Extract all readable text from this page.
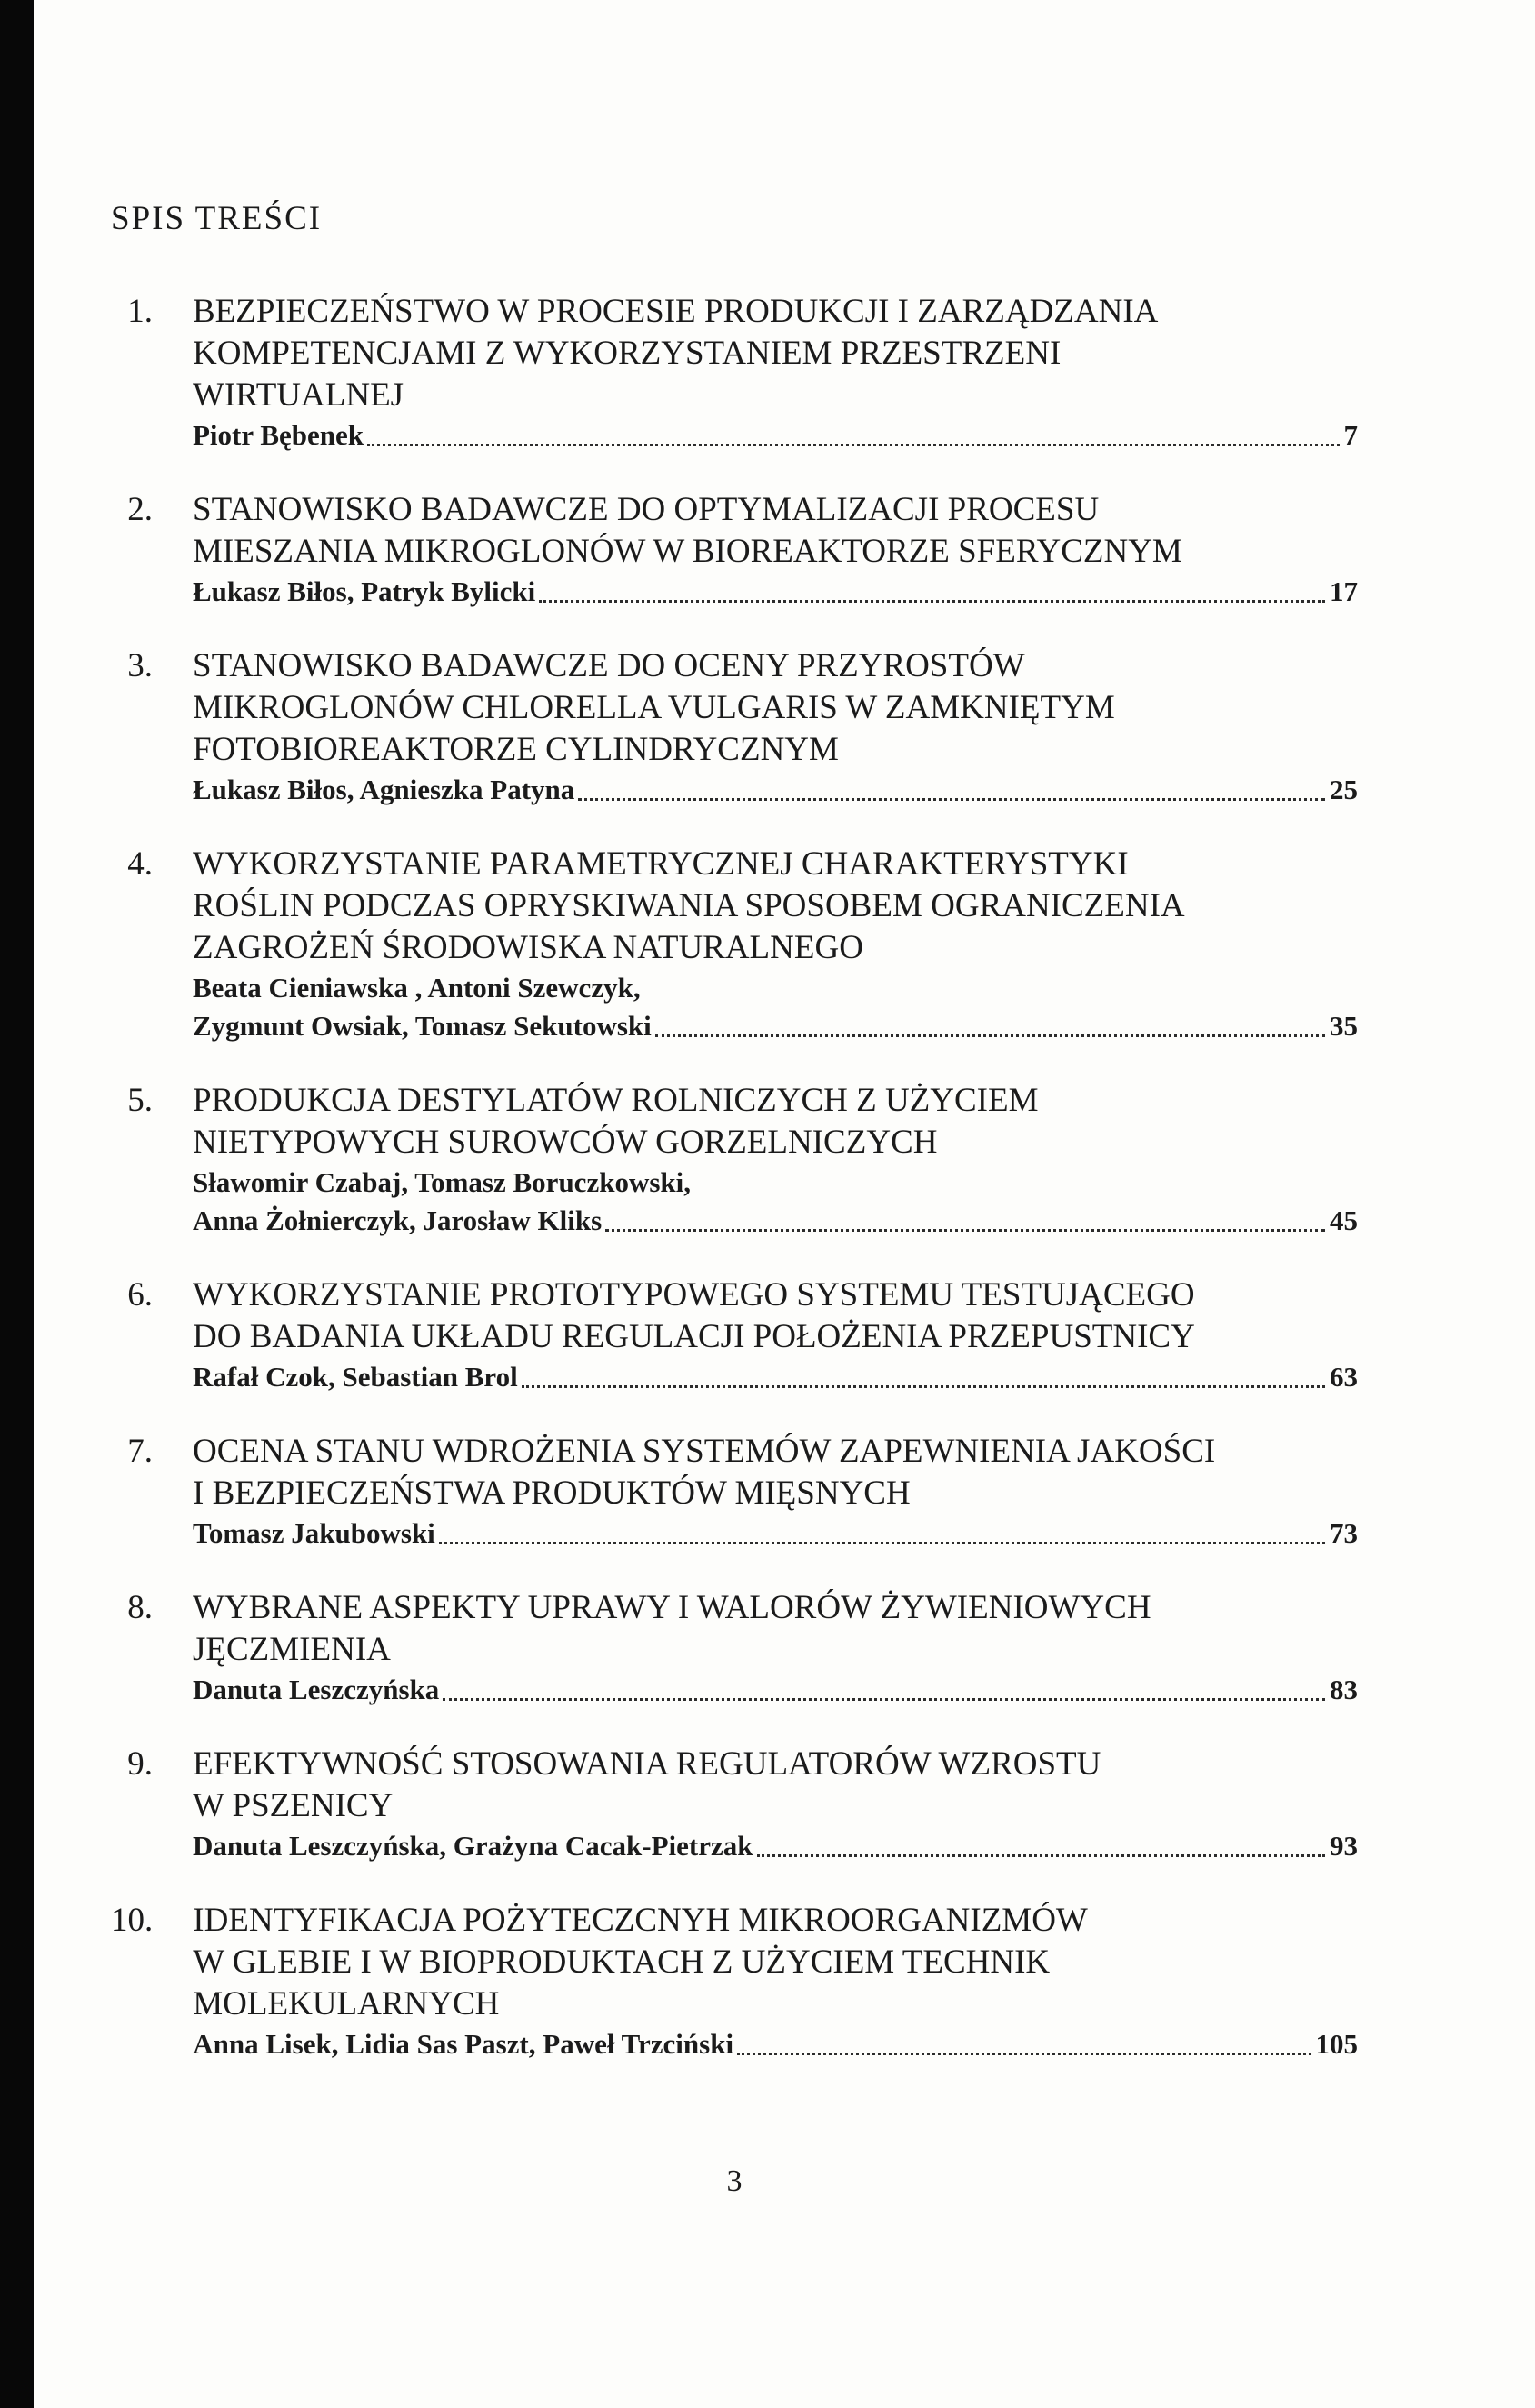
SPIS TREŚCI
1.	BEZPIECZEŃSTWO W PROCESIE PRODUKCJI I ZARZĄDZANIA
KOMPETENCJAMI Z WYKORZYSTANIEM PRZESTRZENI
WIRTUALNEJ
Piotr Bębenek	7
2.	STANOWISKO BADAWCZE DO OPTYMALIZACJI PROCESU
MIESZANIA MIKROGLONÓW W BIOREAKTORZE SFERYCZNYM
Łukasz Biłos, Patryk Bylicki	17
3.	STANOWISKO BADAWCZE DO OCENY PRZYROSTÓW
MIKROGLONÓW CHLORELLA VULGARIS W ZAMKNIĘTYM
FOTOBIOREAKTORZE CYLINDRYCZNYM
Łukasz Biłos, Agnieszka Patyna	25
4.	WYKORZYSTANIE PARAMETRYCZNEJ CHARAKTERYSTYKI
ROŚLIN PODCZAS OPRYSKIWANIA SPOSOBEM OGRANICZENIA
ZAGROŻEŃ ŚRODOWISKA NATURALNEGO
Beata Cieniawska , Antoni Szewczyk,
Zygmunt Owsiak, Tomasz Sekutowski	35
5.	PRODUKCJA DESTYLATÓW ROLNICZYCH Z UŻYCIEM
NIETYPOWYCH SUROWCÓW GORZELNICZYCH
Sławomir Czabaj, Tomasz Boruczkowski,
Anna Żołnierczyk, Jarosław Kliks	45
6.	WYKORZYSTANIE PROTOTYPOWEGO SYSTEMU TESTUJĄCEGO
DO BADANIA UKŁADU REGULACJI POŁOŻENIA PRZEPUSTNICY
Rafał Czok, Sebastian Brol	63
7.	OCENA STANU WDROŻENIA SYSTEMÓW ZAPEWNIENIA JAKOŚCI
I BEZPIECZEŃSTWA PRODUKTÓW MIĘSNYCH
Tomasz Jakubowski	73
8.	WYBRANE ASPEKTY UPRAWY I WALORÓW ŻYWIENIOWYCH
JĘCZMIENIA
Danuta Leszczyńska	83
9.	EFEKTYWNOŚĆ STOSOWANIA REGULATORÓW WZROSTU
W PSZENICY
Danuta Leszczyńska, Grażyna Cacak-Pietrzak	93
10.	IDENTYFIKACJA POŻYTECZCNYH MIKROORGANIZMÓW
W GLEBIE I W BIOPRODUKTACH Z UŻYCIEM TECHNIK
MOLEKULARNYCH
Anna Lisek, Lidia Sas Paszt, Paweł Trzciński	105
3
